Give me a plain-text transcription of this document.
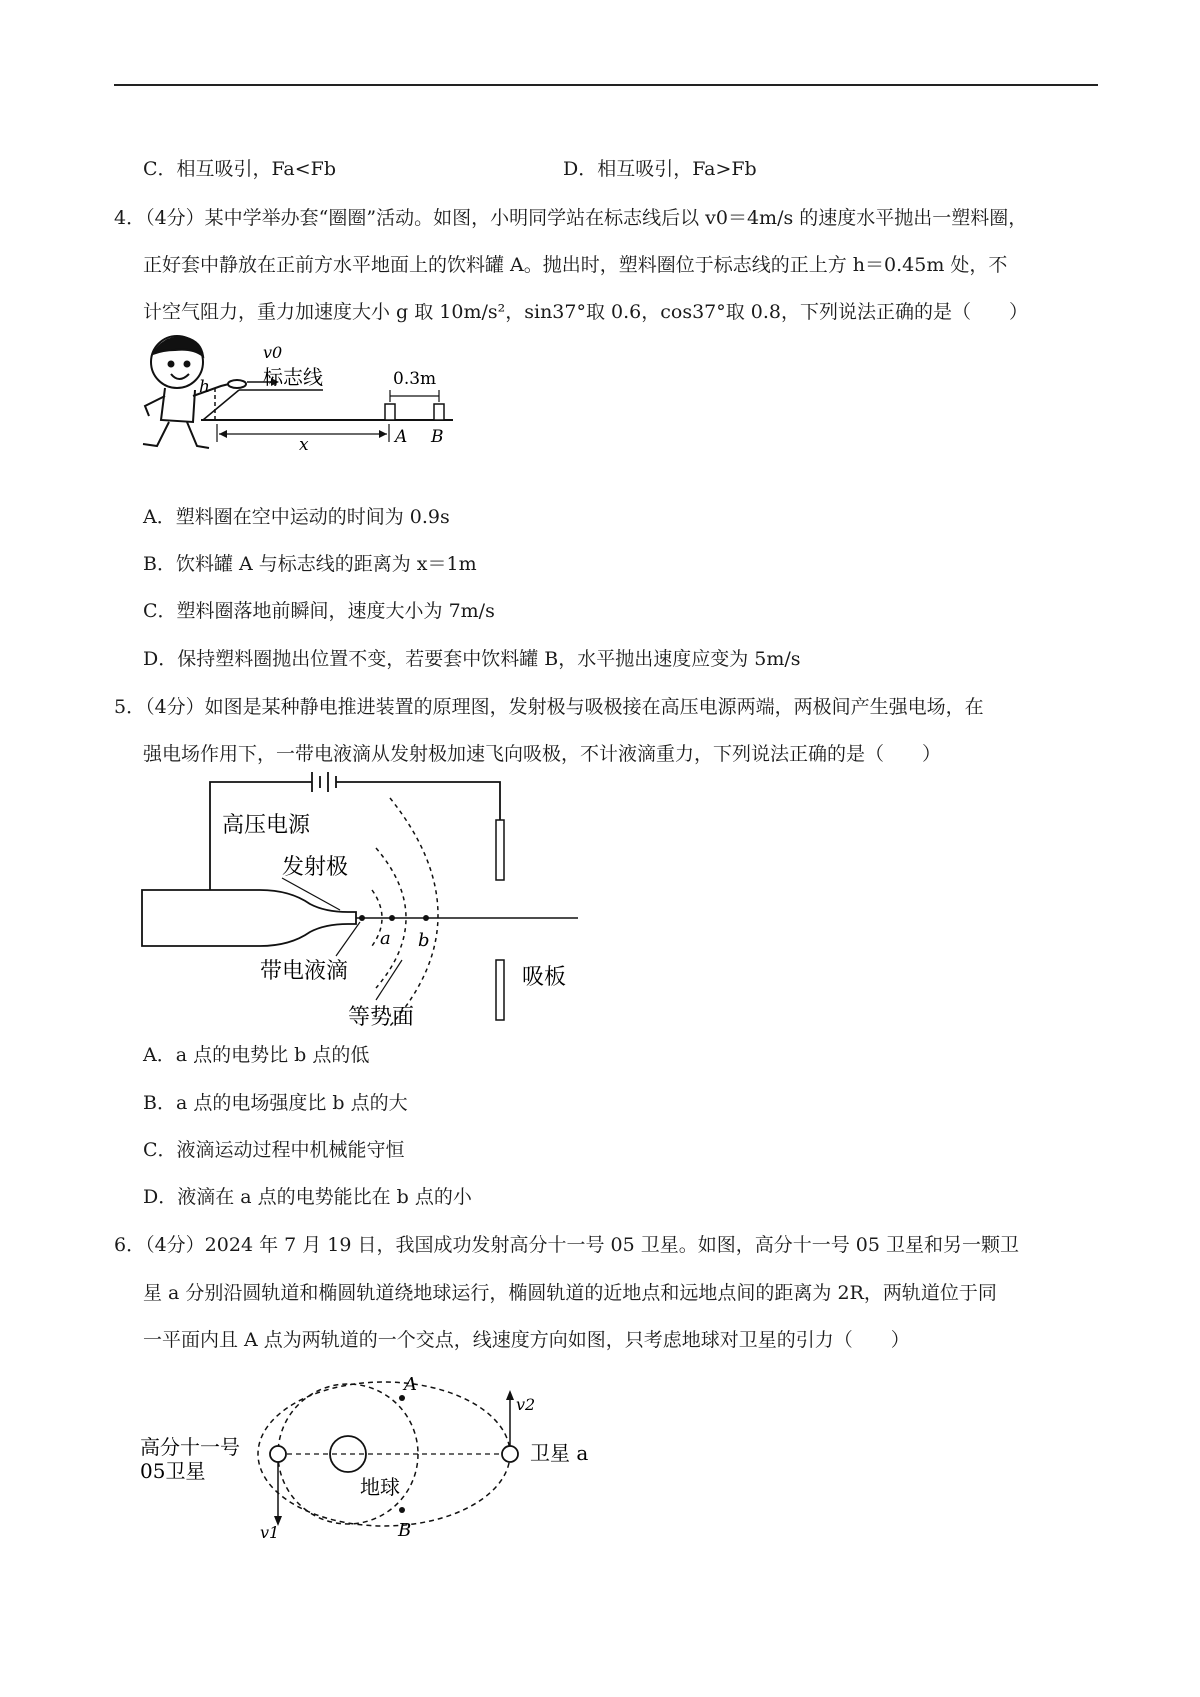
C．相互吸引，Fa<Fb	D．相互吸引，Fa>Fb
4．（4分）某中学举办套“圈圈”活动。如图，小明同学站在标志线后以 v0＝4m/s 的速度水平抛出一塑料圈，
正好套中静放在正前方水平地面上的饮料罐 A。抛出时，塑料圈位于标志线的正上方 h＝0.45m 处，不
计空气阻力，重力加速度大小 g 取 10m/s²，sin37°取 0.6，cos37°取 0.8，下列说法正确的是（　　）
v0
h	标志线	0.3m
x	A B
A．塑料圈在空中运动的时间为 0.9s
B．饮料罐 A 与标志线的距离为 x＝1m
C．塑料圈落地前瞬间，速度大小为 7m/s
D．保持塑料圈抛出位置不变，若要套中饮料罐 B，水平抛出速度应变为 5m/s
5．（4分）如图是某种静电推进装置的原理图，发射极与吸极接在高压电源两端，两极间产生强电场，在
强电场作用下，一带电液滴从发射极加速飞向吸极，不计液滴重力，下列说法正确的是（　　）
高压电源
吸板
发射极
a b
带电液滴
等势面
A．a 点的电势比 b 点的低
B．a 点的电场强度比 b 点的大
C．液滴运动过程中机械能守恒
D．液滴在 a 点的电势能比在 b 点的小
6．（4分）2024 年 7 月 19 日，我国成功发射高分十一号 05 卫星。如图，高分十一号 05 卫星和另一颗卫
星 a 分别沿圆轨道和椭圆轨道绕地球运行，椭圆轨道的近地点和远地点间的距离为 2R，两轨道位于同
一平面内且 A 点为两轨道的一个交点，线速度方向如图，只考虑地球对卫星的引力（　　）
地球
v1
高分十一号
05卫星
v2
卫星 a
A
B
